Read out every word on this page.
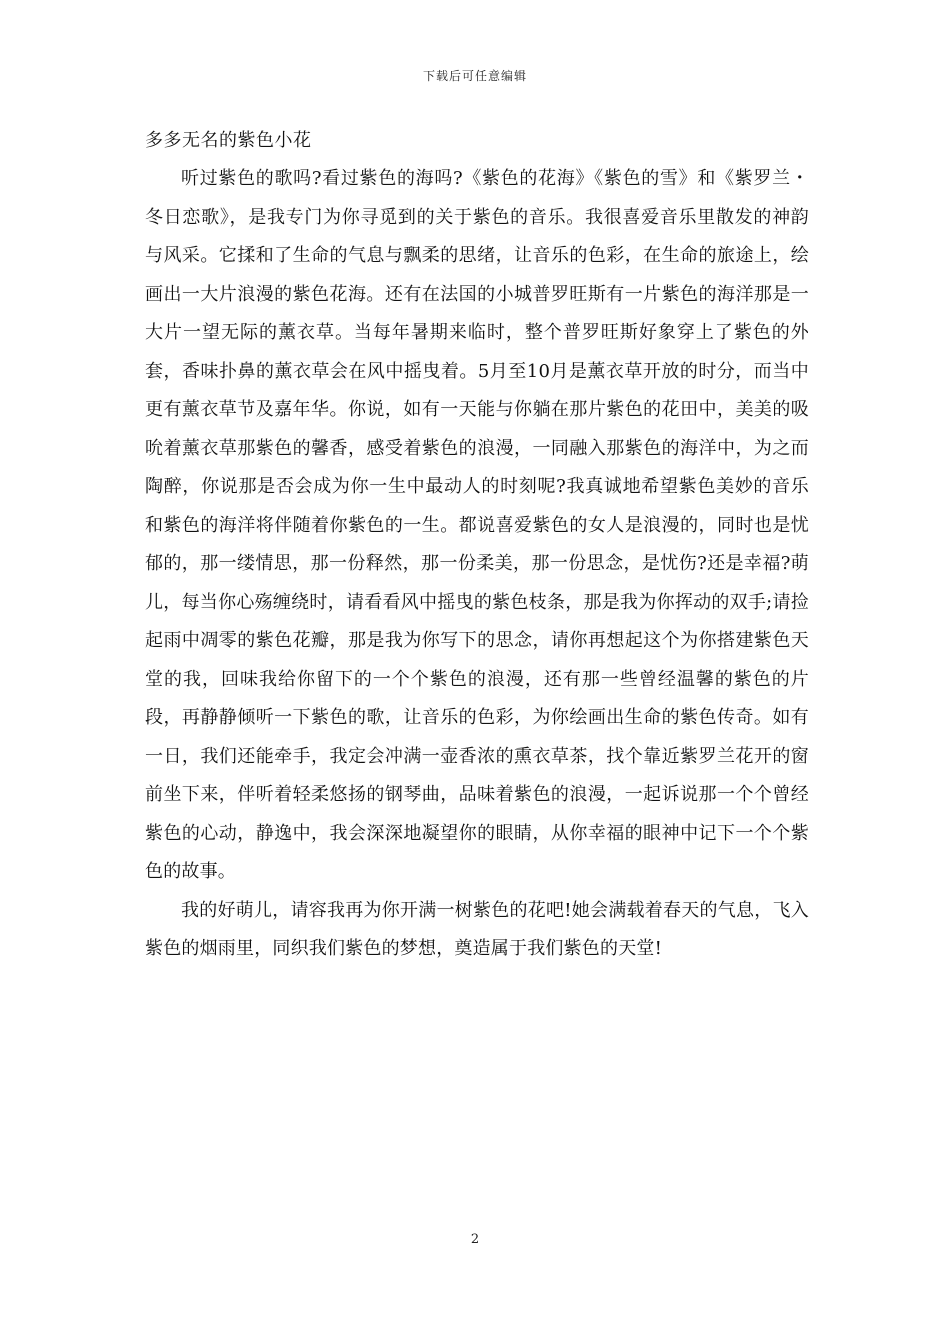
下载后可任意编辑

多多无名的紫色小花

听过紫色的歌吗?看过紫色的海吗?《紫色的花海》《紫色的雪》和《紫罗兰・冬日恋歌》，是我专门为你寻觅到的关于紫色的音乐。我很喜爱音乐里散发的神韵与风采。它揉和了生命的气息与飘柔的思绪，让音乐的色彩，在生命的旅途上，绘画出一大片浪漫的紫色花海。还有在法国的小城普罗旺斯有一片紫色的海洋那是一大片一望无际的薰衣草。当每年暑期来临时，整个普罗旺斯好象穿上了紫色的外套，香味扑鼻的薰衣草会在风中摇曳着。5月至10月是薰衣草开放的时分，而当中更有薰衣草节及嘉年华。你说，如有一天能与你躺在那片紫色的花田中，美美的吸吮着薰衣草那紫色的馨香，感受着紫色的浪漫，一同融入那紫色的海洋中，为之而陶醉，你说那是否会成为你一生中最动人的时刻呢?我真诚地希望紫色美妙的音乐和紫色的海洋将伴随着你紫色的一生。都说喜爱紫色的女人是浪漫的，同时也是忧郁的，那一缕情思，那一份释然，那一份柔美，那一份思念，是忧伤?还是幸福?萌儿，每当你心殇缠绕时，请看看风中摇曳的紫色枝条，那是我为你挥动的双手;请捡起雨中凋零的紫色花瓣，那是我为你写下的思念，请你再想起这个为你搭建紫色天堂的我，回味我给你留下的一个个紫色的浪漫，还有那一些曾经温馨的紫色的片段，再静静倾听一下紫色的歌，让音乐的色彩，为你绘画出生命的紫色传奇。如有一日，我们还能牵手，我定会冲满一壶香浓的熏衣草茶，找个靠近紫罗兰花开的窗前坐下来，伴听着轻柔悠扬的钢琴曲，品味着紫色的浪漫，一起诉说那一个个曾经紫色的心动，静逸中，我会深深地凝望你的眼睛，从你幸福的眼神中记下一个个紫色的故事。

我的好萌儿，请容我再为你开满一树紫色的花吧!她会满载着春天的气息，飞入紫色的烟雨里，同织我们紫色的梦想，奠造属于我们紫色的天堂!

2
